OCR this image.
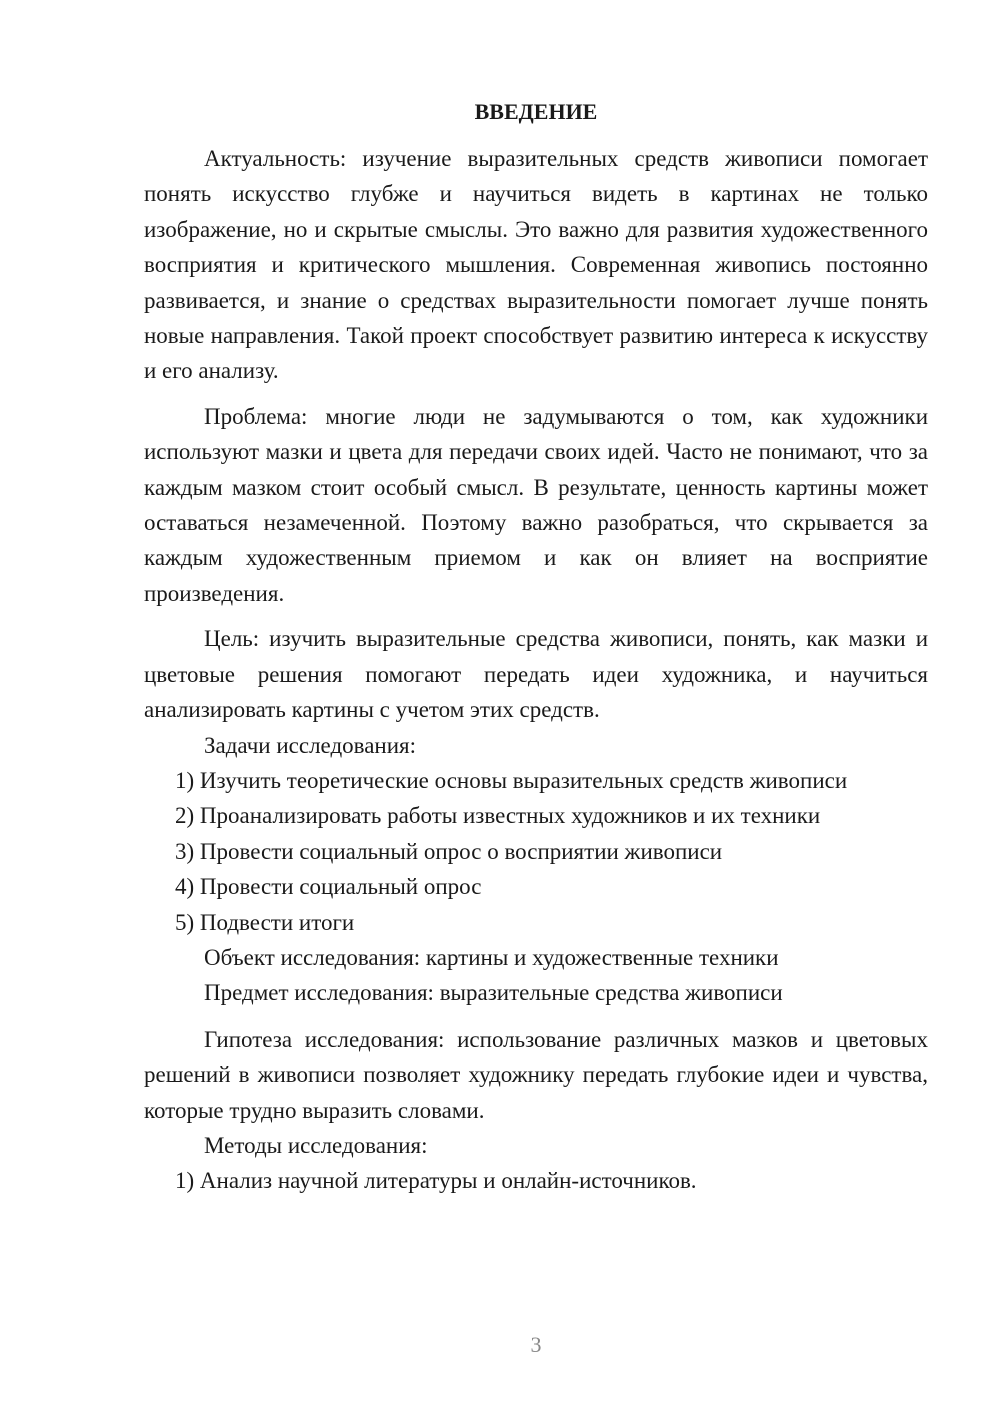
ВВЕДЕНИЕ

Актуальность: изучение выразительных средств живописи помогает понять искусство глубже и научиться видеть в картинах не только изображение, но и скрытые смыслы. Это важно для развития художественного восприятия и критического мышления. Современная живопись постоянно развивается, и знание о средствах выразительности помогает лучше понять новые направления. Такой проект способствует развитию интереса к искусству и его анализу.

Проблема: многие люди не задумываются о том, как художники используют мазки и цвета для передачи своих идей. Часто не понимают, что за каждым мазком стоит особый смысл. В результате, ценность картины может оставаться незамеченной. Поэтому важно разобраться, что скрывается за каждым художественным приемом и как он влияет на восприятие произведения.

Цель: изучить выразительные средства живописи, понять, как мазки и цветовые решения помогают передать идеи художника, и научиться анализировать картины с учетом этих средств.

Задачи исследования:

1) Изучить теоретические основы выразительных средств живописи

2) Проанализировать работы известных художников и их техники

3) Провести социальный опрос о восприятии живописи

4) Провести социальный опрос

5) Подвести итоги

Объект исследования: картины и художественные техники

Предмет исследования: выразительные средства живописи

Гипотеза исследования: использование различных мазков и цветовых решений в живописи позволяет художнику передать глубокие идеи и чувства, которые трудно выразить словами.

Методы исследования:

1) Анализ научной литературы и онлайн-источников.

3
